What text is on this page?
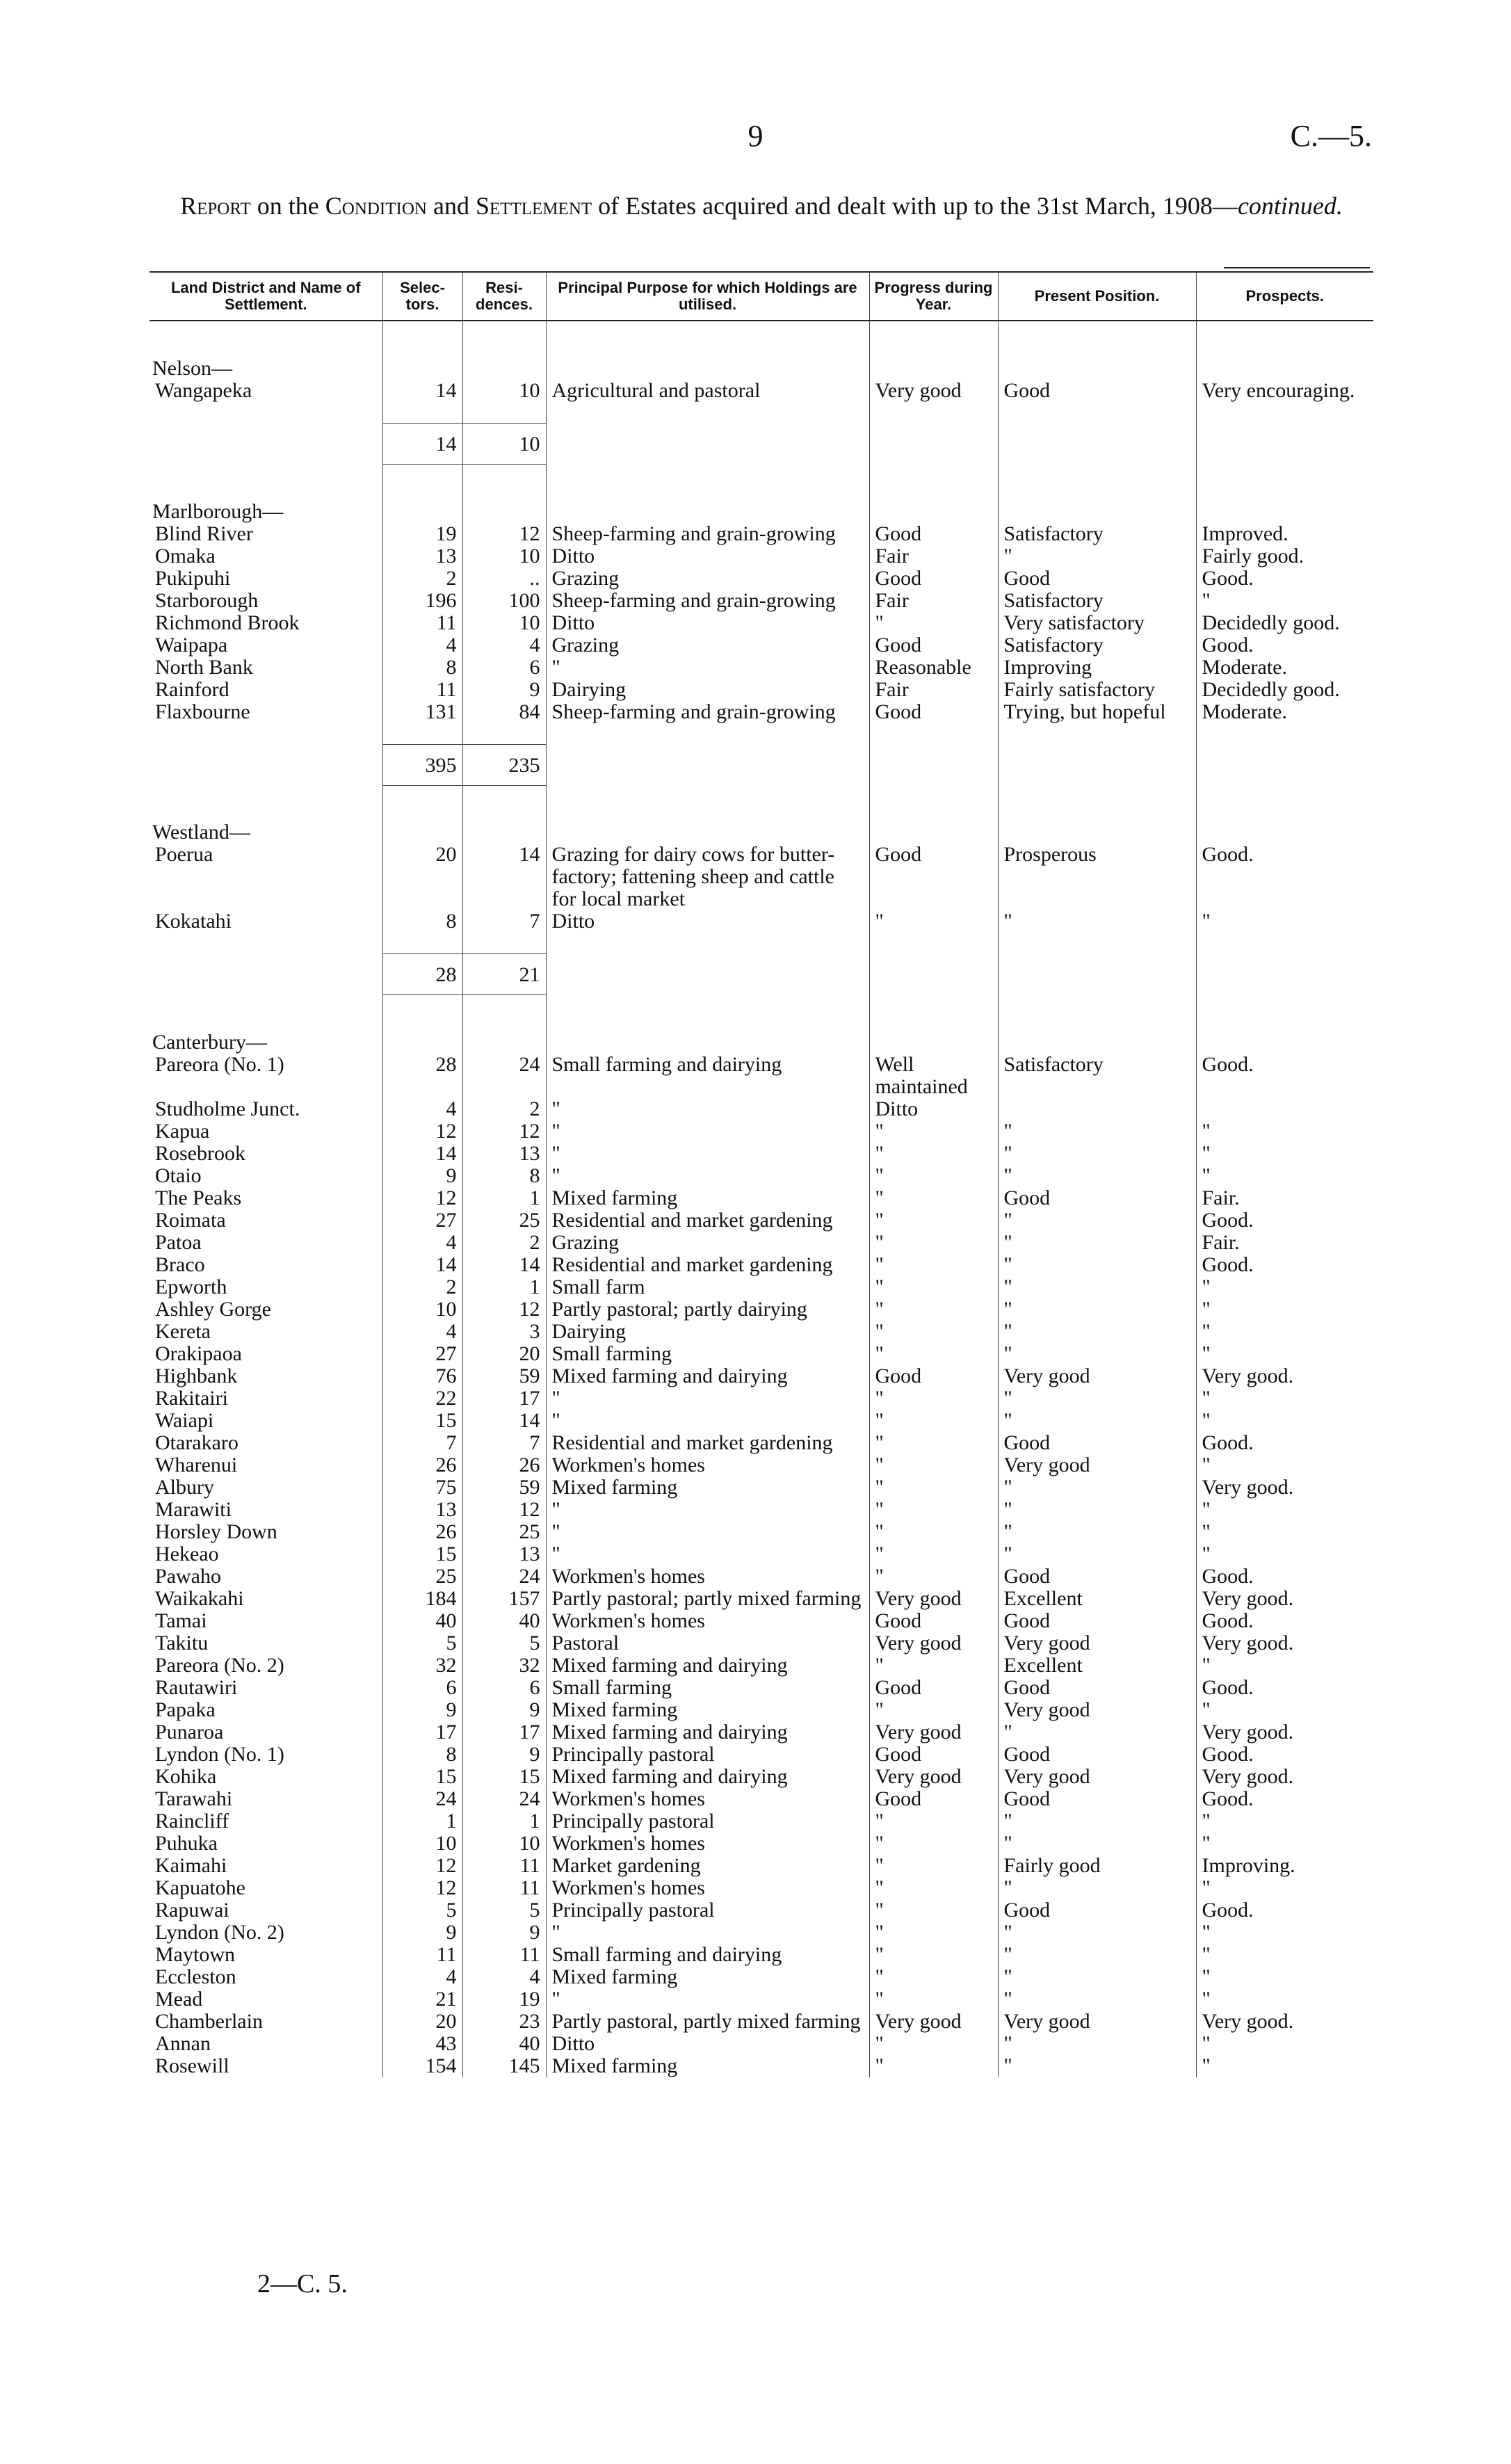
9	C.—5.
Report on the Condition and Settlement of Estates acquired and dealt with up to the 31st March, 1908—continued.
Land District and Name of Settlement.	Selec-tors.	Resi-dences.	Principal Purpose for which Holdings are utilised.	Progress during Year.	Present Position.	Prospects.
Nelson—						
Wangapeka	14	10	Agricultural and pastoral	Very good	Good	Very encouraging.

	14	10				
Marlborough—						
Blind River	19	12	Sheep-farming and grain-growing	Good	Satisfactory	Improved.
Omaka	13	10	Ditto	Fair	"	Fairly good.
Pukipuhi	2	..	Grazing	Good	Good	Good.
Starborough	196	100	Sheep-farming and grain-growing	Fair	Satisfactory	"
Richmond Brook	11	10	Ditto	"	Very satisfactory	Decidedly good.
Waipapa	4	4	Grazing	Good	Satisfactory	Good.
North Bank	8	6	"	Reasonable	Improving	Moderate.
Rainford	11	9	Dairying	Fair	Fairly satisfactory	Decidedly good.
Flaxbourne	131	84	Sheep-farming and grain-growing	Good	Trying, but hopeful	Moderate.

	395	235				
Westland—						
Poerua	20	14	Grazing for dairy cows for butter-factory; fattening sheep and cattle for local market	Good	Prosperous	Good.
Kokatahi	8	7	Ditto	"	"	"

	28	21				
Canterbury—						
Pareora (No. 1)	28	24	Small farming and dairying	Well maintained	Satisfactory	Good.
Studholme Junct.	4	2	"	Ditto		
Kapua	12	12	"	"	"	"
Rosebrook	14	13	"	"	"	"
Otaio	9	8	"	"	"	"
The Peaks	12	1	Mixed farming	"	Good	Fair.
Roimata	27	25	Residential and market gardening	"	"	Good.
Patoa	4	2	Grazing	"	"	Fair.
Braco	14	14	Residential and market gardening	"	"	Good.
Epworth	2	1	Small farm	"	"	"
Ashley Gorge	10	12	Partly pastoral; partly dairying	"	"	"
Kereta	4	3	Dairying	"	"	"
Orakipaoa	27	20	Small farming	"	"	"
Highbank	76	59	Mixed farming and dairying	Good	Very good	Very good.
Rakitairi	22	17	"	"	"	"
Waiapi	15	14	"	"	"	"
Otarakaro	7	7	Residential and market gardening	"	Good	Good.
Wharenui	26	26	Workmen's homes	"	Very good	"
Albury	75	59	Mixed farming	"	"	Very good.
Marawiti	13	12	"	"	"	"
Horsley Down	26	25	"	"	"	"
Hekeao	15	13	"	"	"	"
Pawaho	25	24	Workmen's homes	"	Good	Good.
Waikakahi	184	157	Partly pastoral; partly mixed farming	Very good	Excellent	Very good.
Tamai	40	40	Workmen's homes	Good	Good	Good.
Takitu	5	5	Pastoral	Very good	Very good	Very good.
Pareora (No. 2)	32	32	Mixed farming and dairying	"	Excellent	"
Rautawiri	6	6	Small farming	Good	Good	Good.
Papaka	9	9	Mixed farming	"	Very good	"
Punaroa	17	17	Mixed farming and dairying	Very good	"	Very good.
Lyndon (No. 1)	8	9	Principally pastoral	Good	Good	Good.
Kohika	15	15	Mixed farming and dairying	Very good	Very good	Very good.
Tarawahi	24	24	Workmen's homes	Good	Good	Good.
Raincliff	1	1	Principally pastoral	"	"	"
Puhuka	10	10	Workmen's homes	"	"	"
Kaimahi	12	11	Market gardening	"	Fairly good	Improving.
Kapuatohe	12	11	Workmen's homes	"	"	"
Rapuwai	5	5	Principally pastoral	"	Good	Good.
Lyndon (No. 2)	9	9	"	"	"	"
Maytown	11	11	Small farming and dairying	"	"	"
Eccleston	4	4	Mixed farming	"	"	"
Mead	21	19	"	"	"	"
Chamberlain	20	23	Partly pastoral, partly mixed farming	Very good	Very good	Very good.
Annan	43	40	Ditto	"	"	"
Rosewill	154	145	Mixed farming	"	"	"
2—C. 5.
